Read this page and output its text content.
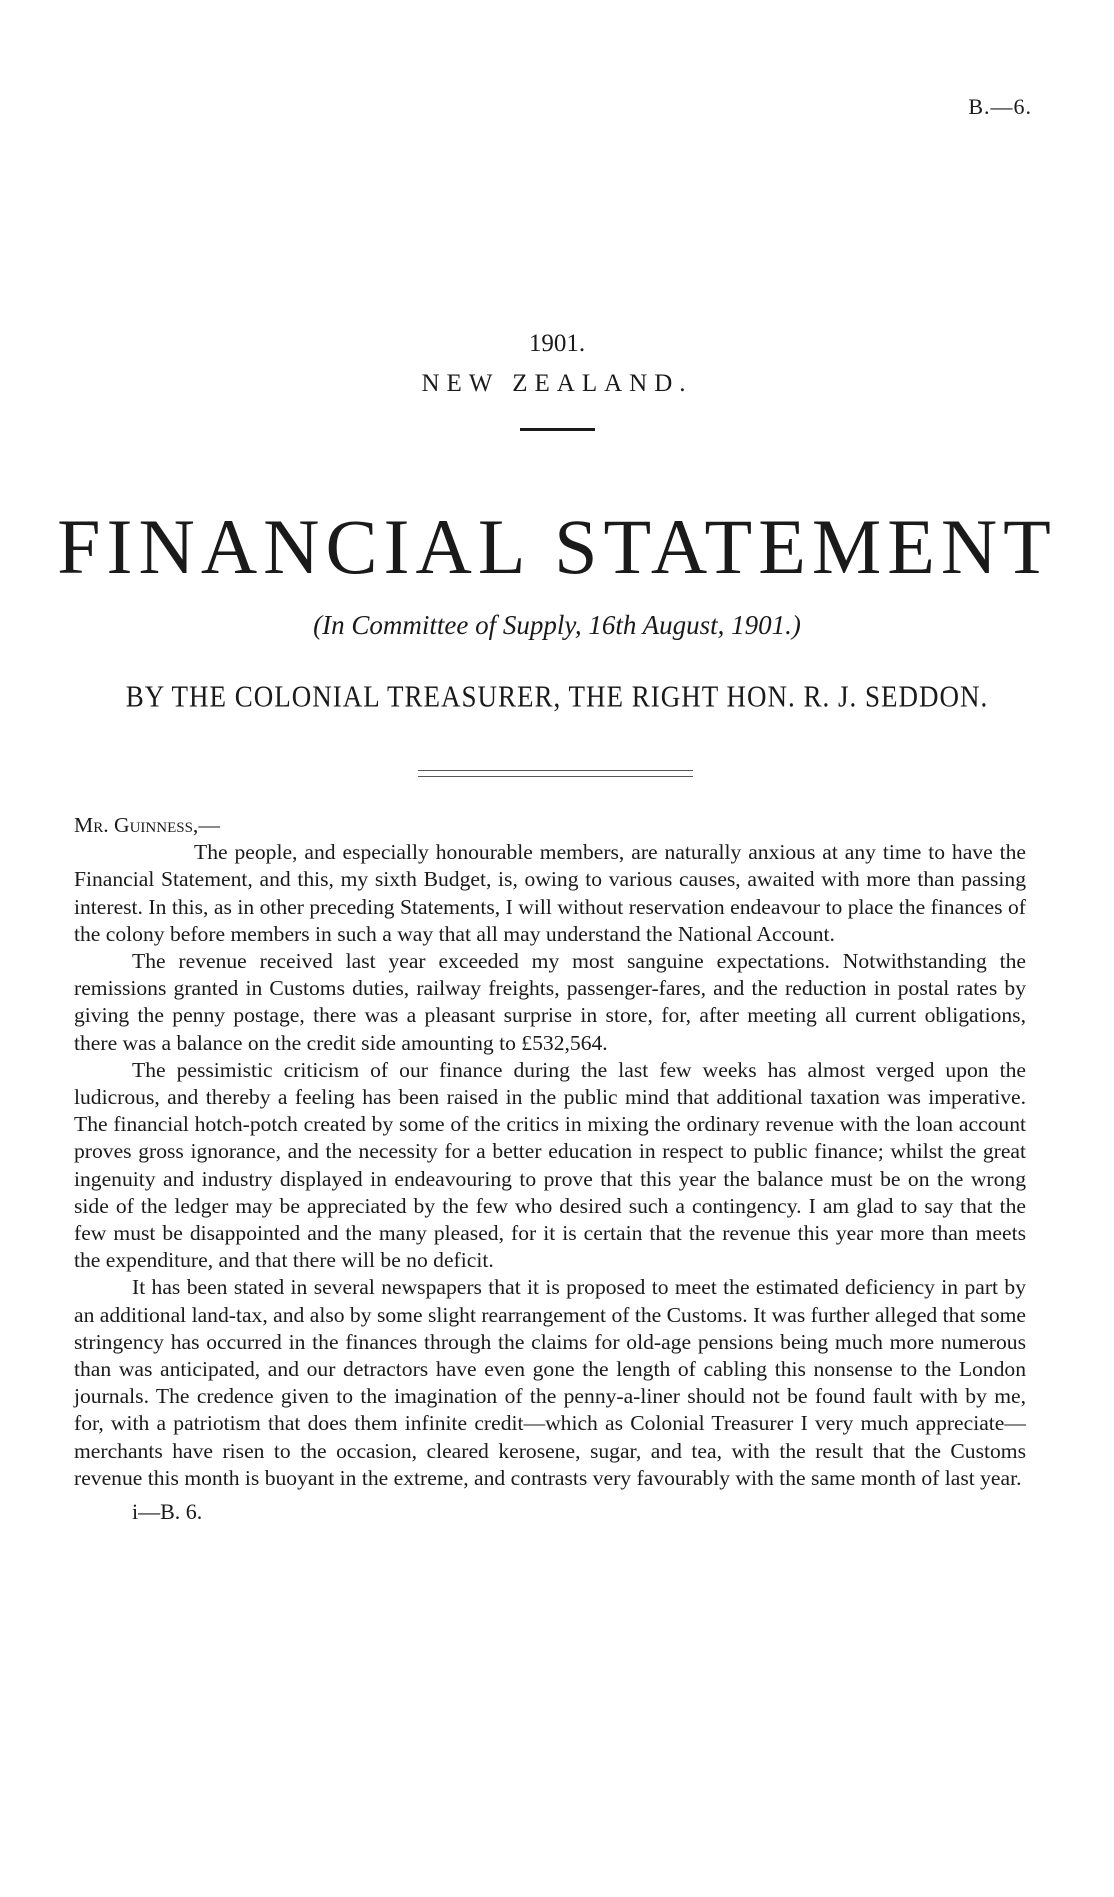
B.—6.
1901.
NEW ZEALAND.
FINANCIAL STATEMENT
(In Committee of Supply, 16th August, 1901.)
BY THE COLONIAL TREASURER, THE RIGHT HON. R. J. SEDDON.

Mr. Guinness,—

The people, and especially honourable members, are naturally anxious at any time to have the Financial Statement, and this, my sixth Budget, is, owing to various causes, awaited with more than passing interest. In this, as in other preceding Statements, I will without reservation endeavour to place the finances of the colony before members in such a way that all may understand the National Account.

The revenue received last year exceeded my most sanguine expectations. Notwithstanding the remissions granted in Customs duties, railway freights, passenger-fares, and the reduction in postal rates by giving the penny postage, there was a pleasant surprise in store, for, after meeting all current obligations, there was a balance on the credit side amounting to £532,564.

The pessimistic criticism of our finance during the last few weeks has almost verged upon the ludicrous, and thereby a feeling has been raised in the public mind that additional taxation was imperative. The financial hotch-potch created by some of the critics in mixing the ordinary revenue with the loan account proves gross ignorance, and the necessity for a better education in respect to public finance; whilst the great ingenuity and industry displayed in endeavouring to prove that this year the balance must be on the wrong side of the ledger may be appreciated by the few who desired such a contingency. I am glad to say that the few must be disappointed and the many pleased, for it is certain that the revenue this year more than meets the expenditure, and that there will be no deficit.

It has been stated in several newspapers that it is proposed to meet the estimated deficiency in part by an additional land-tax, and also by some slight rearrangement of the Customs. It was further alleged that some stringency has occurred in the finances through the claims for old-age pensions being much more numerous than was anticipated, and our detractors have even gone the length of cabling this nonsense to the London journals. The credence given to the imagination of the penny-a-liner should not be found fault with by me, for, with a patriotism that does them infinite credit—which as Colonial Treasurer I very much appreciate—merchants have risen to the occasion, cleared kerosene, sugar, and tea, with the result that the Customs revenue this month is buoyant in the extreme, and contrasts very favourably with the same month of last year.

i—B. 6.
